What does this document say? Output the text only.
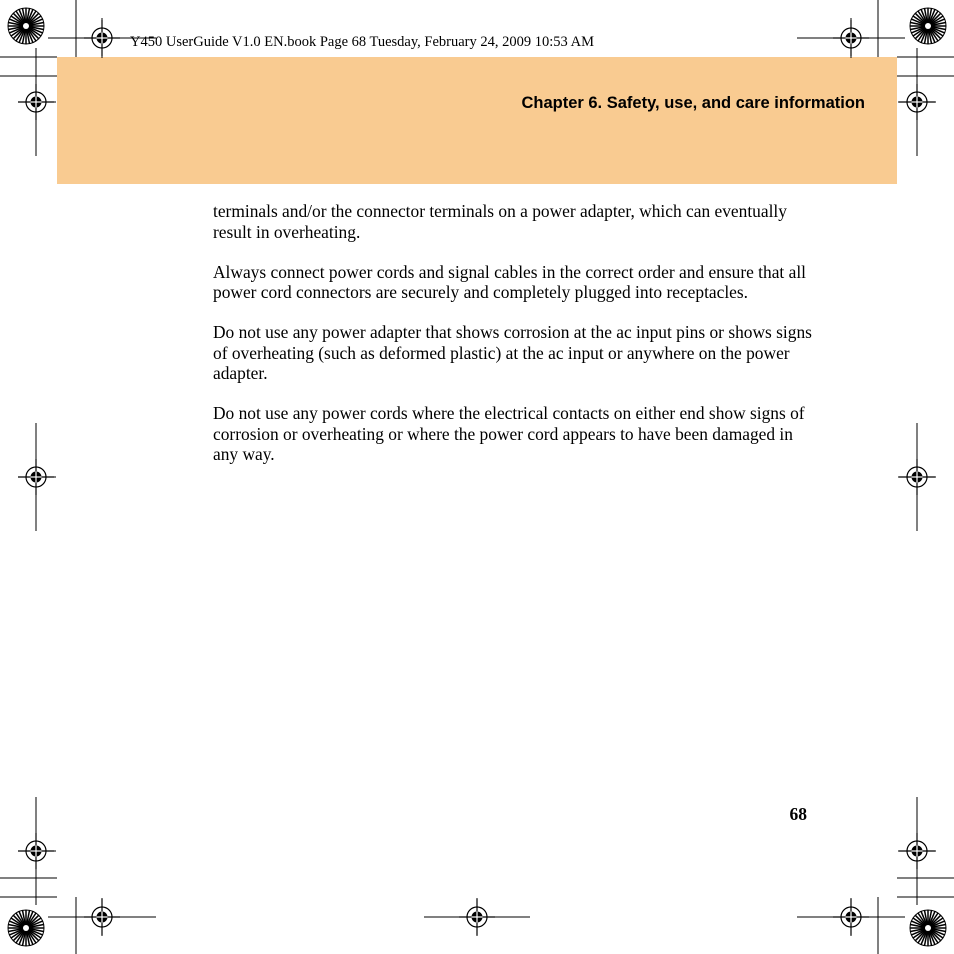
Y450 UserGuide V1.0 EN.book Page 68 Tuesday, February 24, 2009 10:53 AM
Chapter 6. Safety, use, and care information

terminals and/or the connector terminals on a power adapter, which can eventually result in overheating.

Always connect power cords and signal cables in the correct order and ensure that all power cord connectors are securely and completely plugged into receptacles.

Do not use any power adapter that shows corrosion at the ac input pins or shows signs of overheating (such as deformed plastic) at the ac input or anywhere on the power adapter.

Do not use any power cords where the electrical contacts on either end show signs of corrosion or overheating or where the power cord appears to have been damaged in any way.

68
